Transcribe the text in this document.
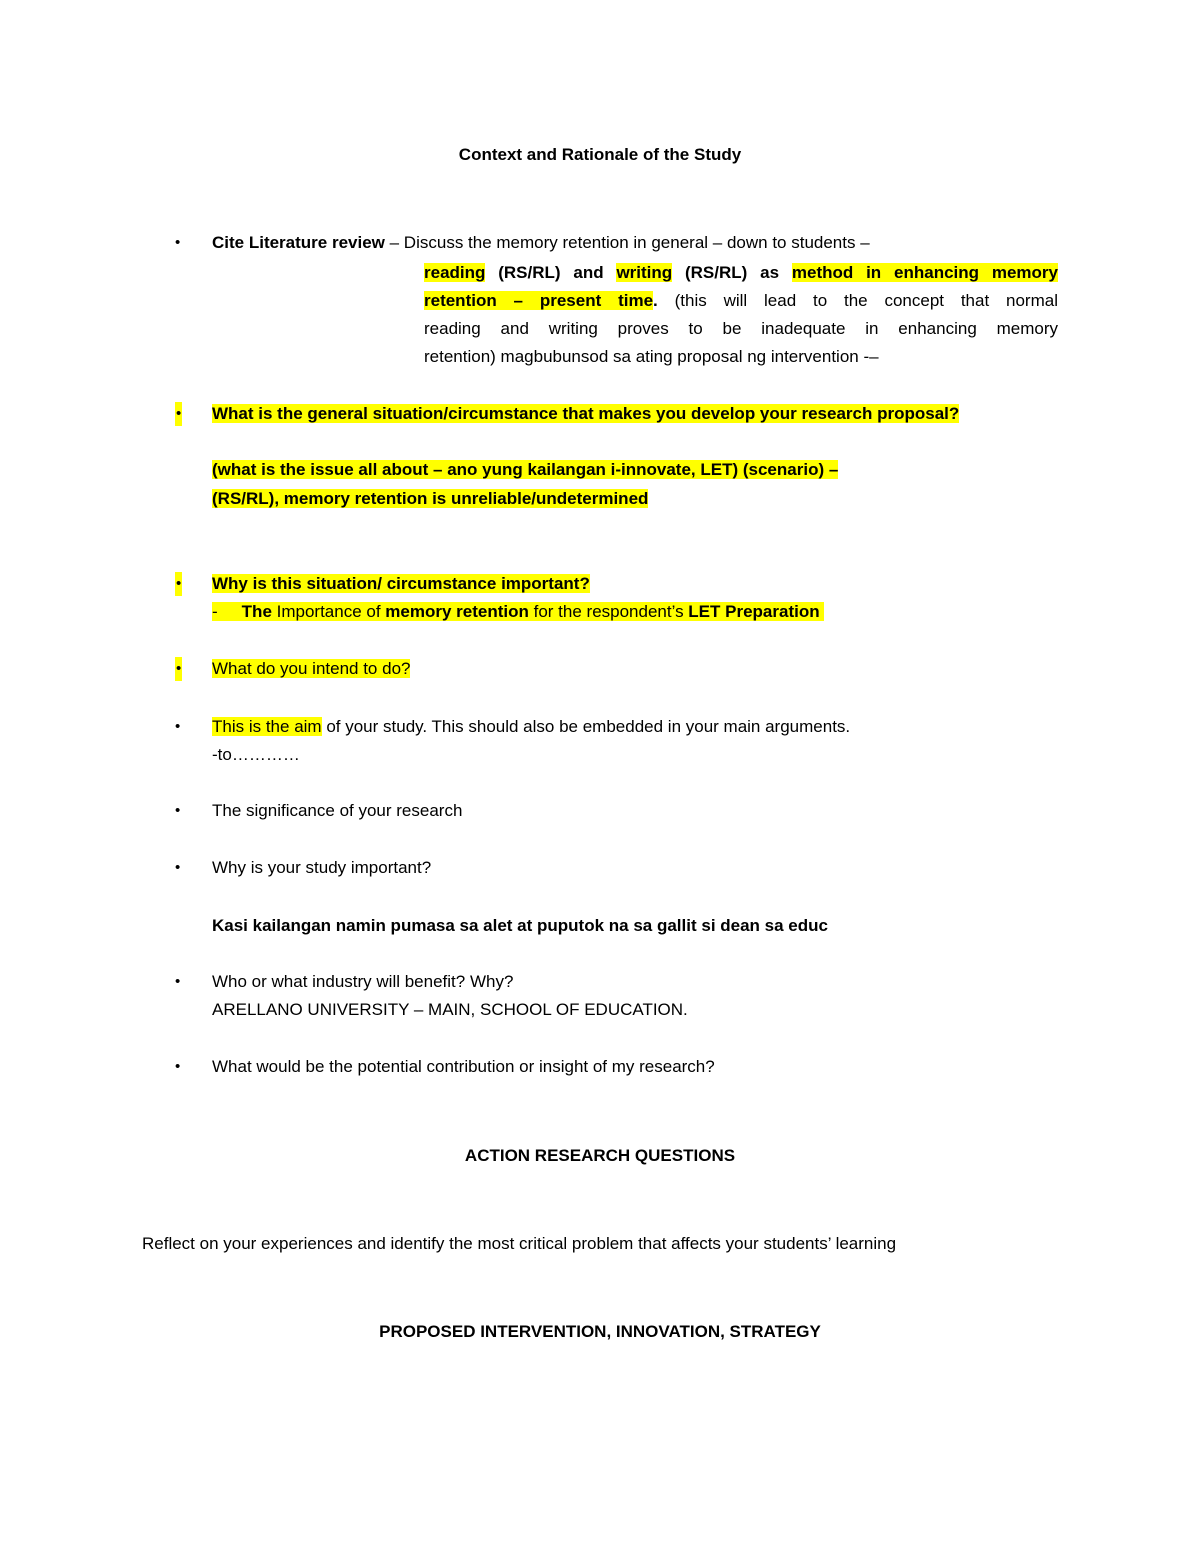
Context and Rationale of the Study
• Cite Literature review – Discuss the memory retention in general – down to students –
reading (RS/RL) and writing (RS/RL) as method in enhancing memory
retention – present time. (this will lead to the concept that normal
reading and writing proves to be inadequate in enhancing memory
retention) magbubunsod sa ating proposal ng intervention -–
• What is the general situation/circumstance that makes you develop your research proposal?
(what is the issue all about – ano yung kailangan i-innovate, LET) (scenario) –
(RS/RL), memory retention is unreliable/undetermined
• Why is this situation/ circumstance important?
- The Importance of memory retention for the respondent’s LET Preparation
• What do you intend to do?
• This is the aim of your study. This should also be embedded in your main arguments.
-to…………
• The significance of your research
• Why is your study important?
Kasi kailangan namin pumasa sa alet at puputok na sa gallit si dean sa educ
• Who or what industry will benefit? Why?
ARELLANO UNIVERSITY – MAIN, SCHOOL OF EDUCATION.
• What would be the potential contribution or insight of my research?
ACTION RESEARCH QUESTIONS
Reflect on your experiences and identify the most critical problem that affects your students’ learning
PROPOSED INTERVENTION, INNOVATION, STRATEGY
